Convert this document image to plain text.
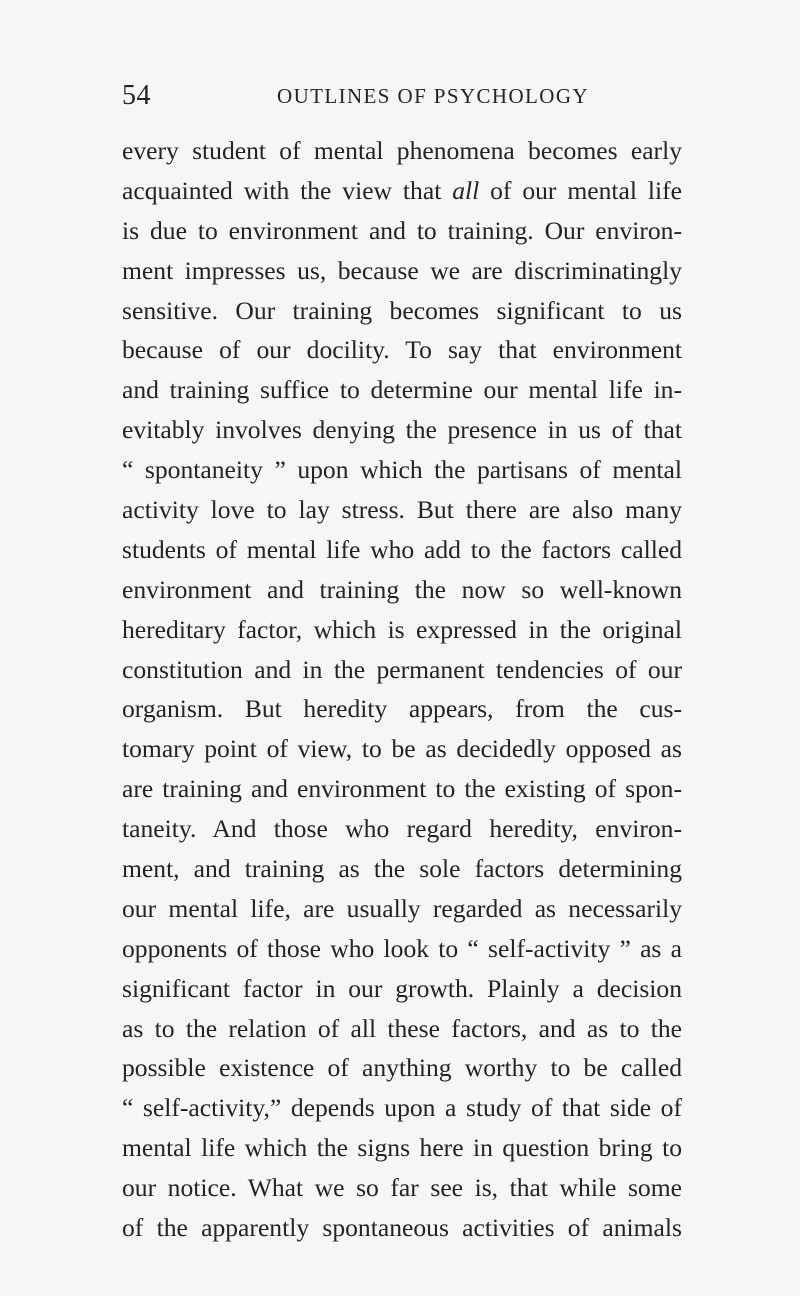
54	OUTLINES OF PSYCHOLOGY
every student of mental phenomena becomes early
acquainted with the view that all of our mental life
is due to environment and to training. Our environ-
ment impresses us, because we are discriminatingly
sensitive. Our training becomes significant to us
because of our docility. To say that environment
and training suffice to determine our mental life in-
evitably involves denying the presence in us of that
“ spontaneity ” upon which the partisans of mental
activity love to lay stress. But there are also many
students of mental life who add to the factors called
environment and training the now so well-known
hereditary factor, which is expressed in the original
constitution and in the permanent tendencies of our
organism. But heredity appears, from the cus-
tomary point of view, to be as decidedly opposed as
are training and environment to the existing of spon-
taneity. And those who regard heredity, environ-
ment, and training as the sole factors determining
our mental life, are usually regarded as necessarily
opponents of those who look to “ self-activity ” as a
significant factor in our growth. Plainly a decision
as to the relation of all these factors, and as to the
possible existence of anything worthy to be called
“ self-activity,” depends upon a study of that side of
mental life which the signs here in question bring to
our notice. What we so far see is, that while some
of the apparently spontaneous activities of animals
